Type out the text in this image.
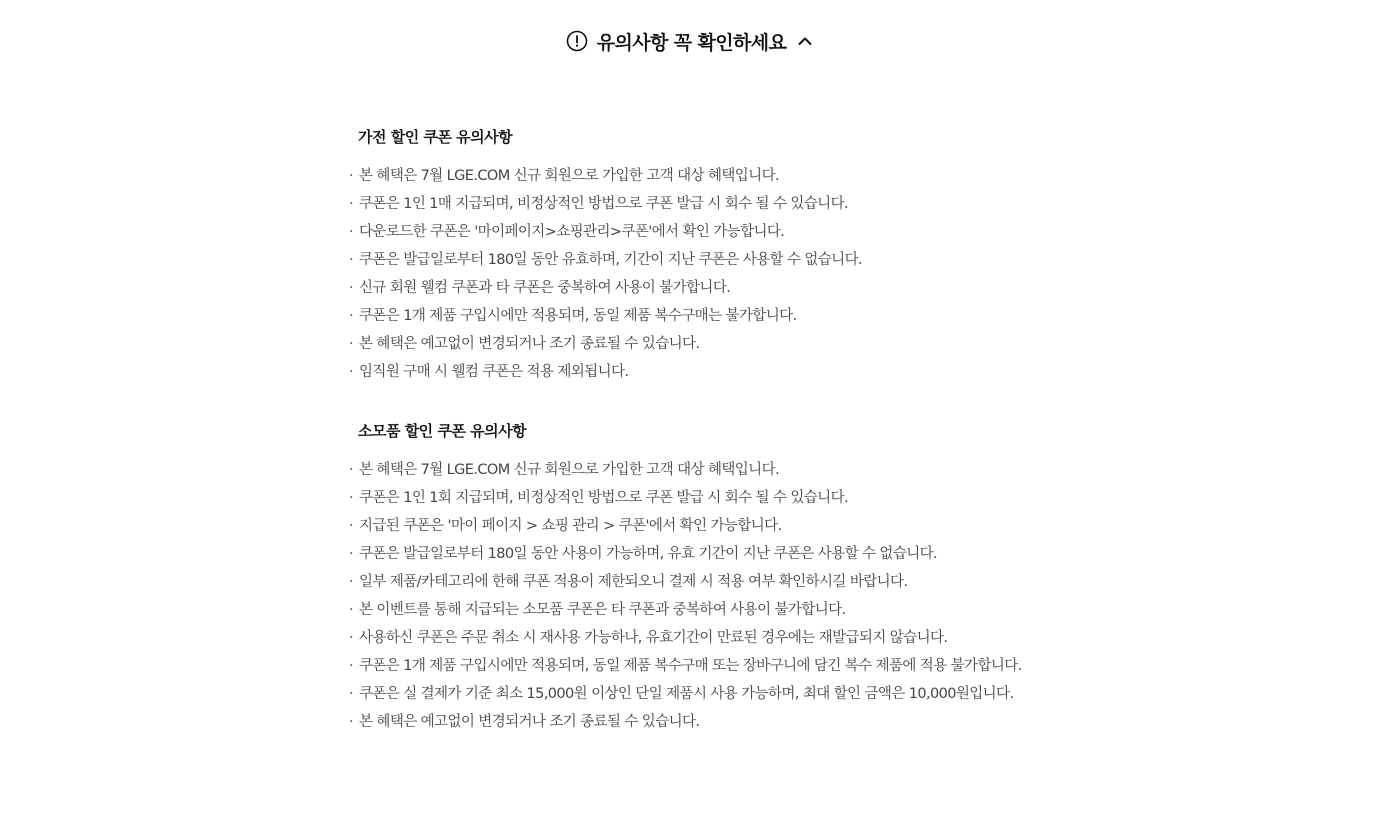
유의사항 꼭 확인하세요
가전 할인 쿠폰 유의사항
· 본 혜택은 7월 LGE.COM 신규 회원으로 가입한 고객 대상 혜택입니다.
· 쿠폰은 1인 1매 지급되며, 비정상적인 방법으로 쿠폰 발급 시 회수 될 수 있습니다.
· 다운로드한 쿠폰은 '마이페이지>쇼핑관리>쿠폰'에서 확인 가능합니다.
· 쿠폰은 발급일로부터 180일 동안 유효하며, 기간이 지난 쿠폰은 사용할 수 없습니다.
· 신규 회원 웰컴 쿠폰과 타 쿠폰은 중복하여 사용이 불가합니다.
· 쿠폰은 1개 제품 구입시에만 적용되며, 동일 제품 복수구매는 불가합니다.
· 본 혜택은 예고없이 변경되거나 조기 종료될 수 있습니다.
· 임직원 구매 시 웰컴 쿠폰은 적용 제외됩니다.
소모품 할인 쿠폰 유의사항
· 본 혜택은 7월 LGE.COM 신규 회원으로 가입한 고객 대상 혜택입니다.
· 쿠폰은 1인 1회 지급되며, 비정상적인 방법으로 쿠폰 발급 시 회수 될 수 있습니다.
· 지급된 쿠폰은 '마이 페이지 > 쇼핑 관리 > 쿠폰'에서 확인 가능합니다.
· 쿠폰은 발급일로부터 180일 동안 사용이 가능하며, 유효 기간이 지난 쿠폰은 사용할 수 없습니다.
· 일부 제품/카테고리에 한해 쿠폰 적용이 제한되오니 결제 시 적용 여부 확인하시길 바랍니다.
· 본 이벤트를 통해 지급되는 소모품 쿠폰은 타 쿠폰과 중복하여 사용이 불가합니다.
· 사용하신 쿠폰은 주문 취소 시 재사용 가능하나, 유효기간이 만료된 경우에는 재발급되지 않습니다.
· 쿠폰은 1개 제품 구입시에만 적용되며, 동일 제품 복수구매 또는 장바구니에 담긴 복수 제품에 적용 불가합니다.
· 쿠폰은 실 결제가 기준 최소 15,000원 이상인 단일 제품시 사용 가능하며, 최대 할인 금액은 10,000원입니다.
· 본 혜택은 예고없이 변경되거나 조기 종료될 수 있습니다.
